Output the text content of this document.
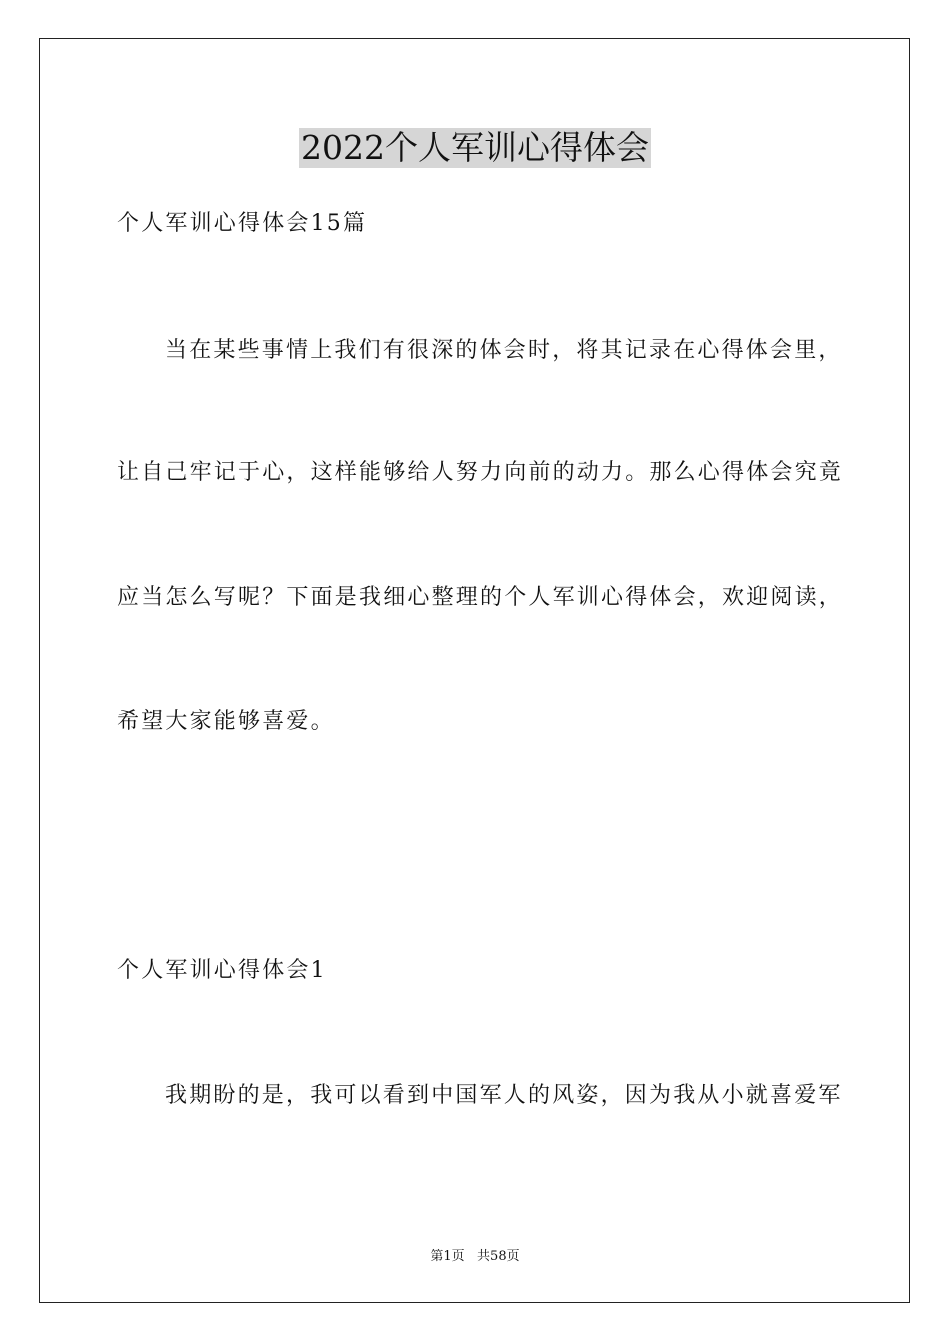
2022个人军训心得体会
个人军训心得体会15篇
当在某些事情上我们有很深的体会时，将其记录在心得体会里，
让自己牢记于心，这样能够给人努力向前的动力。那么心得体会究竟
应当怎么写呢？下面是我细心整理的个人军训心得体会，欢迎阅读，
希望大家能够喜爱。
个人军训心得体会1
我期盼的是，我可以看到中国军人的风姿，因为我从小就喜爱军
第1页   共58页
